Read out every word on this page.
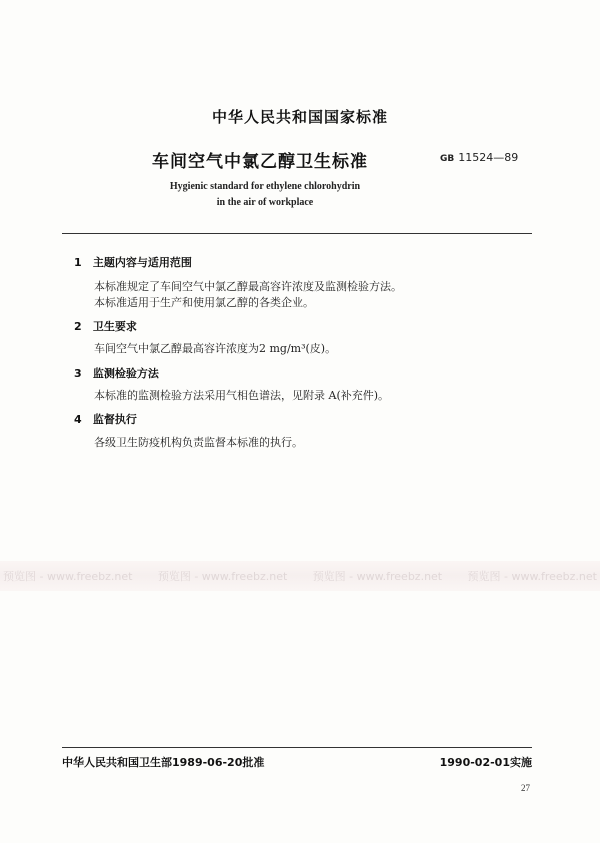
中华人民共和国国家标准
车间空气中氯乙醇卫生标准	GB 11524—89
Hygienic standard for ethylene chlorohydrin
in the air of workplace
1 主题内容与适用范围
本标准规定了车间空气中氯乙醇最高容许浓度及监测检验方法。
本标准适用于生产和使用氯乙醇的各类企业。
2 卫生要求
车间空气中氯乙醇最高容许浓度为2 mg/m³(皮)。
3 监测检验方法
本标准的监测检验方法采用气相色谱法，见附录 A(补充件)。
4 监督执行
各级卫生防疫机构负责监督本标准的执行。
预览图 - www.freebz.net 预览图 - www.freebz.net 预览图 - www.freebz.net 预览图 - www.freebz.net
中华人民共和国卫生部1989-06-20批准	1990-02-01实施
27
